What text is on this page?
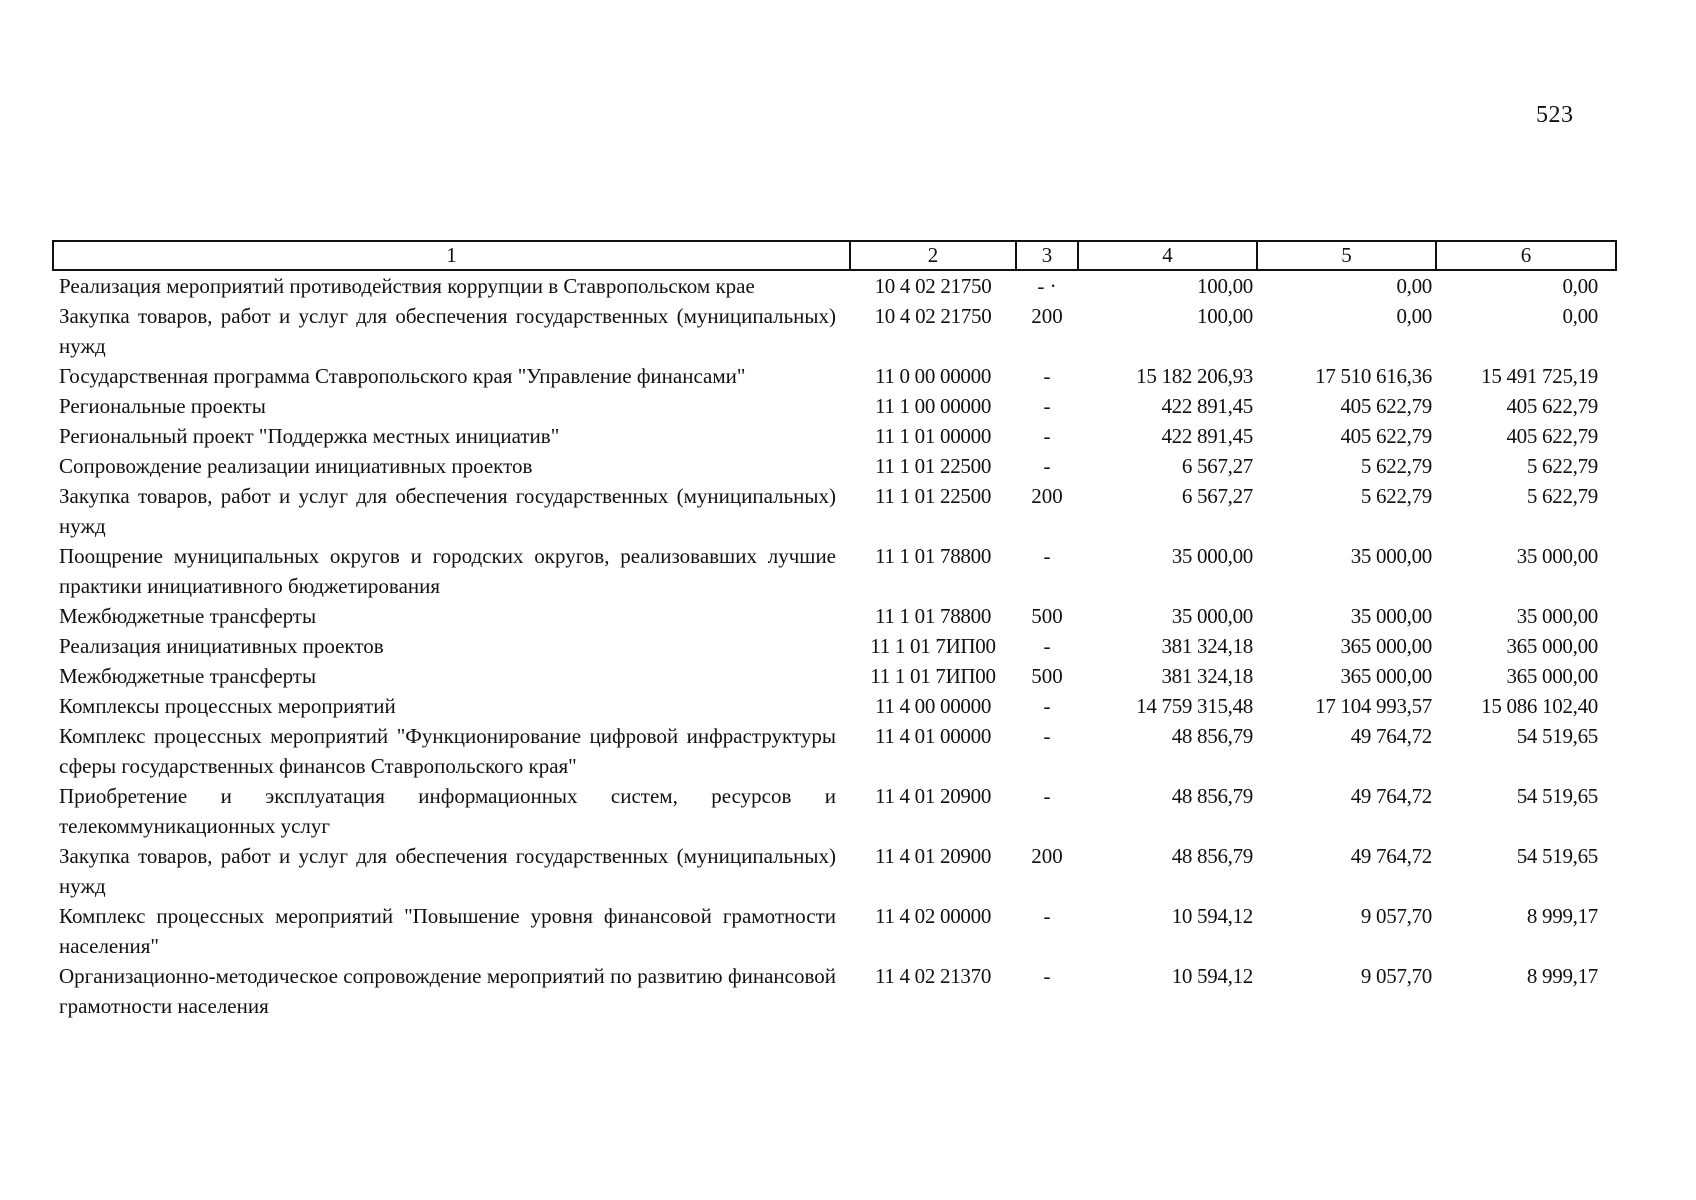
523
1	2	3	4	5	6
Реализация мероприятий противодействия коррупции в Ставропольском крае	10 4 02 21750	- ·	100,00	0,00	0,00
Закупка товаров, работ и услуг для обеспечения государственных (муниципальных) нужд	10 4 02 21750	200	100,00	0,00	0,00
Государственная программа Ставропольского края "Управление финансами"	11 0 00 00000	-	15 182 206,93	17 510 616,36	15 491 725,19
Региональные проекты	11 1 00 00000	-	422 891,45	405 622,79	405 622,79
Региональный проект "Поддержка местных инициатив"	11 1 01 00000	-	422 891,45	405 622,79	405 622,79
Сопровождение реализации инициативных проектов	11 1 01 22500	-	6 567,27	5 622,79	5 622,79
Закупка товаров, работ и услуг для обеспечения государственных (муниципальных) нужд	11 1 01 22500	200	6 567,27	5 622,79	5 622,79
Поощрение муниципальных округов и городских округов, реализовавших лучшие практики инициативного бюджетирования	11 1 01 78800	-	35 000,00	35 000,00	35 000,00
Межбюджетные трансферты	11 1 01 78800	500	35 000,00	35 000,00	35 000,00
Реализация инициативных проектов	11 1 01 7ИП00	-	381 324,18	365 000,00	365 000,00
Межбюджетные трансферты	11 1 01 7ИП00	500	381 324,18	365 000,00	365 000,00
Комплексы процессных мероприятий	11 4 00 00000	-	14 759 315,48	17 104 993,57	15 086 102,40
Комплекс процессных мероприятий "Функционирование цифровой инфраструктуры сферы государственных финансов Ставропольского края"	11 4 01 00000	-	48 856,79	49 764,72	54 519,65
Приобретение и эксплуатация информационных систем, ресурсов и телекоммуникационных услуг	11 4 01 20900	-	48 856,79	49 764,72	54 519,65
Закупка товаров, работ и услуг для обеспечения государственных (муниципальных) нужд	11 4 01 20900	200	48 856,79	49 764,72	54 519,65
Комплекс процессных мероприятий "Повышение уровня финансовой грамотности населения"	11 4 02 00000	-	10 594,12	9 057,70	8 999,17
Организационно-методическое сопровождение мероприятий по развитию финансовой грамотности населения	11 4 02 21370	-	10 594,12	9 057,70	8 999,17
